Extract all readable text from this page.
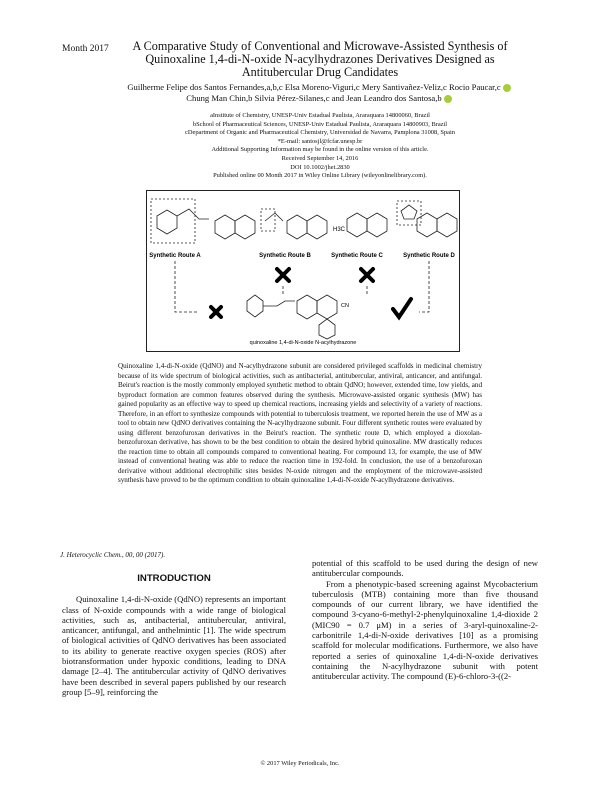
Month 2017	A Comparative Study of Conventional and Microwave-Assisted Synthesis of Quinoxaline 1,4-di-N-oxide N-acylhydrazones Derivatives Designed as Antitubercular Drug Candidates
Guilherme Felipe dos Santos Fernandes,a,b,c Elsa Moreno-Viguri,c Mery Santivañez-Veliz,c Rocio Paucar,c
Chung Man Chin,b Silvia Pérez-Silanes,c and Jean Leandro dos Santosa,b
aInstitute of Chemistry, UNESP-Univ Estadual Paulista, Araraquara 14800060, Brazil
bSchool of Pharmaceutical Sciences, UNESP-Univ Estadual Paulista, Araraquara 14800903, Brazil
cDepartment of Organic and Pharmaceutical Chemistry, Universidad de Navarra, Pamplona 31008, Spain
*E-mail: santosjl@fcfar.unesp.br
Additional Supporting Information may be found in the online version of this article.
Received September 14, 2016
DOI 10.1002/jhet.2830
Published online 00 Month 2017 in Wiley Online Library (wileyonlinelibrary.com).
H3C
Synthetic Route A	Synthetic Route B	Synthetic Route C	Synthetic Route D
CN
quinoxaline 1,4-di-N-oxide N-acylhydrazone
Quinoxaline 1,4-di-N-oxide (QdNO) and N-acylhydrazone subunit are considered privileged scaffolds in medicinal chemistry because of its wide spectrum of biological activities, such as antibacterial, antitubercular, antiviral, anticancer, and antifungal. Beirut's reaction is the mostly commonly employed synthetic method to obtain QdNO; however, extended time, low yields, and byproduct formation are common features observed during the synthesis. Microwave-assisted organic synthesis (MW) has gained popularity as an effective way to speed up chemical reactions, increasing yields and selectivity of a variety of reactions. Therefore, in an effort to synthesize compounds with potential to tuberculosis treatment, we reported herein the use of MW as a tool to obtain new QdNO derivatives containing the N-acylhydrazone subunit. Four different synthetic routes were evaluated by using different benzofuroxan derivatives in the Beirut's reaction. The synthetic route D, which employed a dioxolan-benzofuroxan derivative, has shown to be the best condition to obtain the desired hybrid quinoxaline. MW drastically reduces the reaction time to obtain all compounds compared to conventional heating. For compound 13, for example, the use of MW instead of conventional heating was able to reduce the reaction time in 192-fold. In conclusion, the use of a benzofuroxan derivative without additional electrophilic sites besides N-oxide nitrogen and the employment of the microwave-assisted synthesis have proved to be the optimum condition to obtain quinoxaline 1,4-di-N-oxide N-acylhydrazone derivatives.
J. Heterocyclic Chem., 00, 00 (2017).
INTRODUCTION

Quinoxaline 1,4-di-N-oxide (QdNO) represents an important class of N-oxide compounds with a wide range of biological activities, such as, antibacterial, antitubercular, antiviral, anticancer, antifungal, and anthelmintic [1]. The wide spectrum of biological activities of QdNO derivatives has been associated to its ability to generate reactive oxygen species (ROS) after biotransformation under hypoxic conditions, leading to DNA damage [2–4]. The antitubercular activity of QdNO derivatives have been described in several papers published by our research group [5–9], reinforcing the

potential of this scaffold to be used during the design of new antitubercular compounds.

From a phenotypic-based screening against Mycobacterium tuberculosis (MTB) containing more than five thousand compounds of our current library, we have identified the compound 3-cyano-6-methyl-2-phenylquinoxaline 1,4-dioxide 2 (MIC90 = 0.7 μM) in a series of 3-aryl-quinoxaline-2-carbonitrile 1,4-di-N-oxide derivatives [10] as a promising scaffold for molecular modifications. Furthermore, we also have reported a series of quinoxaline 1,4-di-N-oxide derivatives containing the N-acylhydrazone subunit with potent antitubercular activity. The compound (E)-6-chloro-3-((2-

© 2017 Wiley Periodicals, Inc.
